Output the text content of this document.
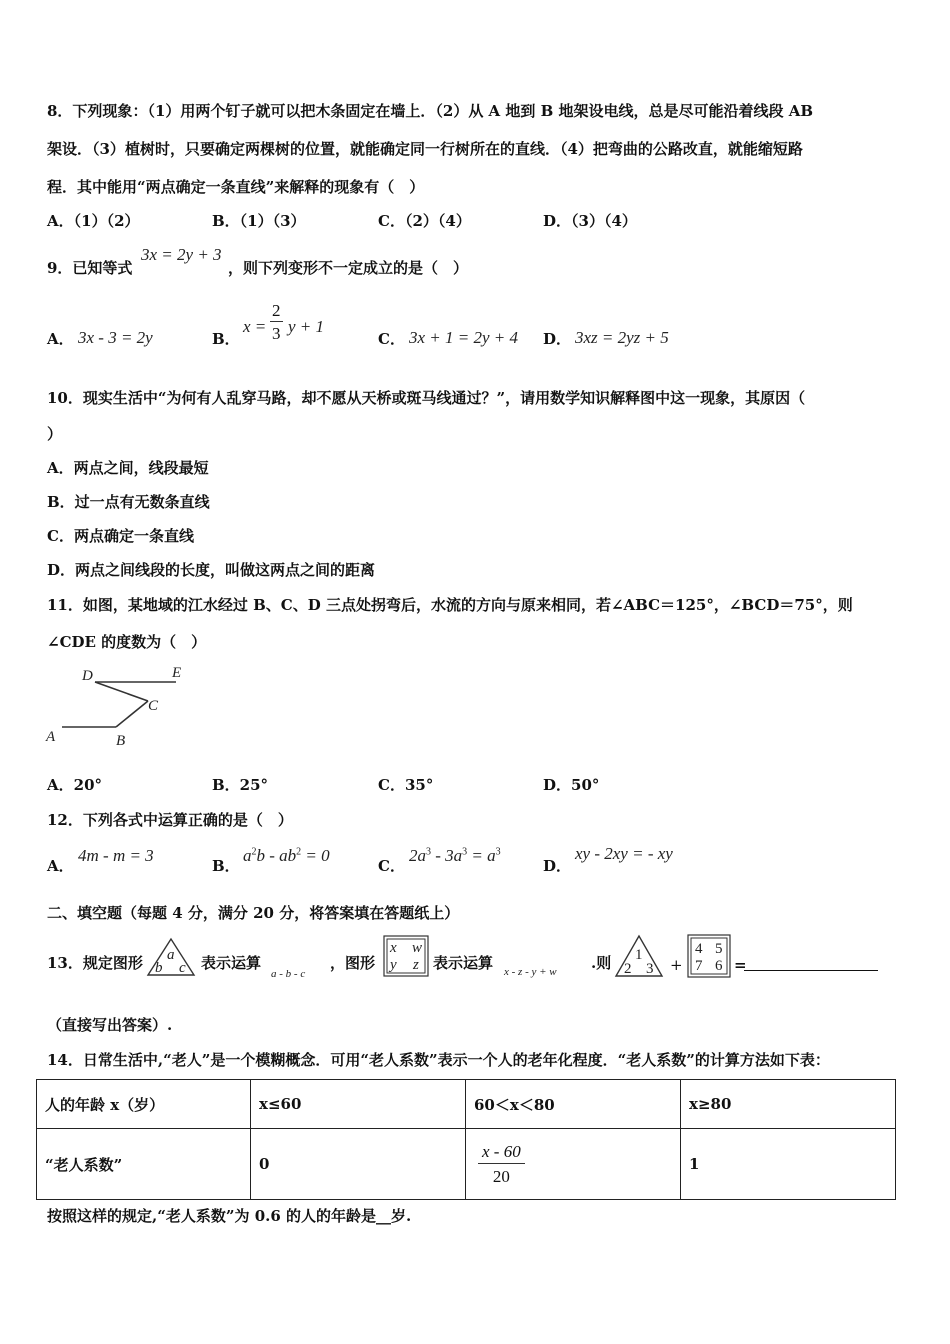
8．下列现象：（1）用两个钉子就可以把木条固定在墙上．（2）从 A 地到 B 地架设电线，总是尽可能沿着线段 AB
架设．（3）植树时，只要确定两棵树的位置，就能确定同一行树所在的直线．（4）把弯曲的公路改直，就能缩短路
程．其中能用“两点确定一条直线”来解释的现象有（　）
A．（1）（2）	B．（1）（3）	C．（2）（4）	D．（3）（4）
9．已知等式
3x = 2y + 3
，则下列变形不一定成立的是（　）
A． 3x - 3 = 2y	B．
$x = \frac{2}{3}$ y + 1
C． 3x + 1 = 2y + 4 D． 3xz = 2yz + 5
10．现实生活中“为何有人乱穿马路，却不愿从天桥或斑马线通过？”，请用数学知识解释图中这一现象，其原因（
）
A．两点之间，线段最短
B．过一点有无数条直线
C．两点确定一条直线
D．两点之间线段的长度，叫做这两点之间的距离
11．如图，某地域的江水经过 B、C、D 三点处拐弯后，水流的方向与原来相同，若∠ABC＝125°，∠BCD＝75°，则
∠CDE 的度数为（　）
D	E
C
A	B
A．20°	B．25°	C．35°	D．50°
12．下列各式中运算正确的是（　）
A．
4m - m = 3
B．
$a^2b - ab^2 = 0$
C．
$2a^3 - 3a^3 = a^3$
D．
xy - 2xy = - xy
二、填空题（每题 4 分，满分 20 分，将答案填在答题纸上）
13．规定图形 a
b c 表示运算
a - b - c
，图形
x w
y z 表示运算 x - z - y + w .则 1
2 3 +
4 5
7 6 =
（直接写出答案）.
14．日常生活中,“老人”是一个模糊概念．可用“老人系数”表示一个人的老年化程度．“老人系数”的计算方法如下表：
人的年龄 x（岁）	x≤60	60＜x＜80	x≥80
“老人系数”	0	$\frac{x - 60}{20}$	1
按照这样的规定,“老人系数”为 0.6 的人的年龄是__岁.
